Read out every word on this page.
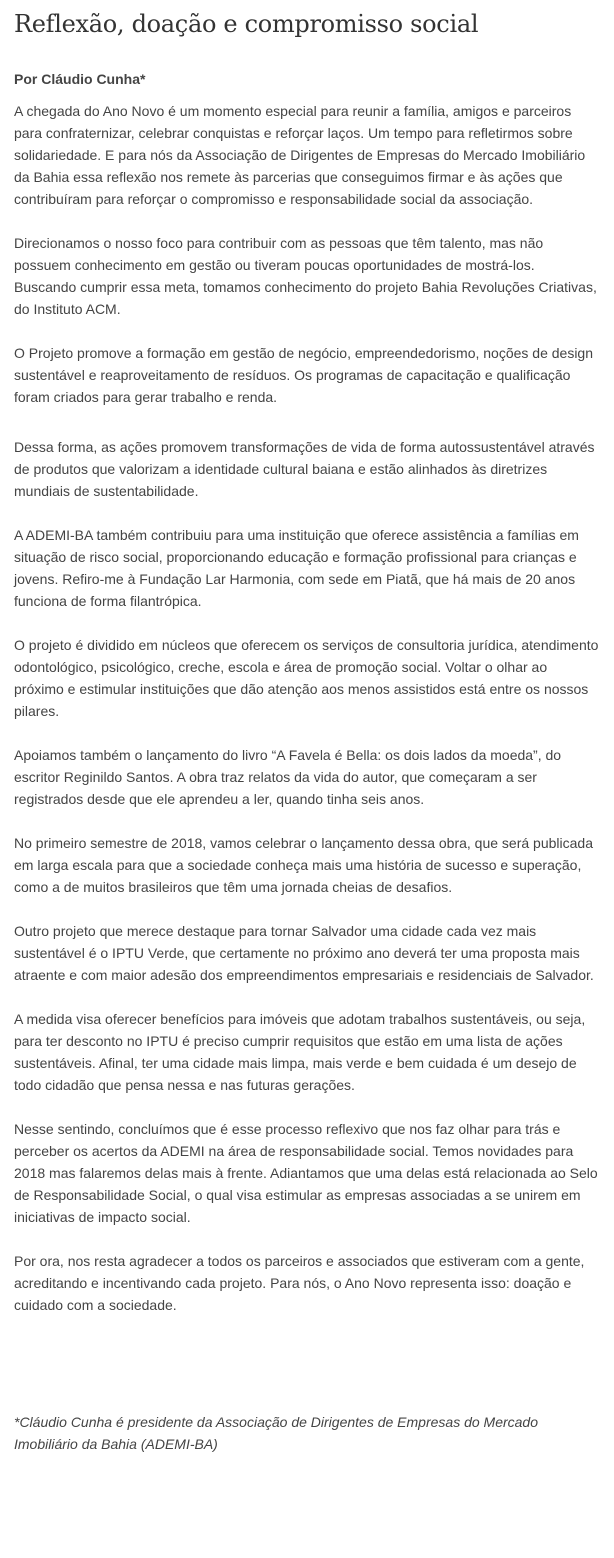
Reflexão, doação e compromisso social

Por Cláudio Cunha*

A chegada do Ano Novo é um momento especial para reunir a família, amigos e parceiros para confraternizar, celebrar conquistas e reforçar laços. Um tempo para refletirmos sobre solidariedade. E para nós da Associação de Dirigentes de Empresas do Mercado Imobiliário da Bahia essa reflexão nos remete às parcerias que conseguimos firmar e às ações que contribuíram para reforçar o compromisso e responsabilidade social da associação.

Direcionamos o nosso foco para contribuir com as pessoas que têm talento, mas não possuem conhecimento em gestão ou tiveram poucas oportunidades de mostrá-los. Buscando cumprir essa meta, tomamos conhecimento do projeto Bahia Revoluções Criativas, do Instituto ACM.

O Projeto promove a formação em gestão de negócio, empreendedorismo, noções de design sustentável e reaproveitamento de resíduos. Os programas de capacitação e qualificação foram criados para gerar trabalho e renda.

Dessa forma, as ações promovem transformações de vida de forma autossustentável através de produtos que valorizam a identidade cultural baiana e estão alinhados às diretrizes mundiais de sustentabilidade.

A ADEMI-BA também contribuiu para uma instituição que oferece assistência a famílias em situação de risco social, proporcionando educação e formação profissional para crianças e jovens. Refiro-me à Fundação Lar Harmonia, com sede em Piatã, que há mais de 20 anos funciona de forma filantrópica.

O projeto é dividido em núcleos que oferecem os serviços de consultoria jurídica, atendimento odontológico, psicológico, creche, escola e área de promoção social. Voltar o olhar ao próximo e estimular instituições que dão atenção aos menos assistidos está entre os nossos pilares.

Apoiamos também o lançamento do livro “A Favela é Bella: os dois lados da moeda”, do escritor Reginildo Santos. A obra traz relatos da vida do autor, que começaram a ser registrados desde que ele aprendeu a ler, quando tinha seis anos.

No primeiro semestre de 2018, vamos celebrar o lançamento dessa obra, que será publicada em larga escala para que a sociedade conheça mais uma história de sucesso e superação, como a de muitos brasileiros que têm uma jornada cheias de desafios.

Outro projeto que merece destaque para tornar Salvador uma cidade cada vez mais sustentável é o IPTU Verde, que certamente no próximo ano deverá ter uma proposta mais atraente e com maior adesão dos empreendimentos empresariais e residenciais de Salvador.

A medida visa oferecer benefícios para imóveis que adotam trabalhos sustentáveis, ou seja, para ter desconto no IPTU é preciso cumprir requisitos que estão em uma lista de ações sustentáveis. Afinal, ter uma cidade mais limpa, mais verde e bem cuidada é um desejo de todo cidadão que pensa nessa e nas futuras gerações.

Nesse sentindo, concluímos que é esse processo reflexivo que nos faz olhar para trás e perceber os acertos da ADEMI na área de responsabilidade social. Temos novidades para 2018 mas falaremos delas mais à frente. Adiantamos que uma delas está relacionada ao Selo de Responsabilidade Social, o qual visa estimular as empresas associadas a se unirem em iniciativas de impacto social.

Por ora, nos resta agradecer a todos os parceiros e associados que estiveram com a gente, acreditando e incentivando cada projeto. Para nós, o Ano Novo representa isso: doação e cuidado com a sociedade.

*Cláudio Cunha é presidente da Associação de Dirigentes de Empresas do Mercado Imobiliário da Bahia (ADEMI-BA)
